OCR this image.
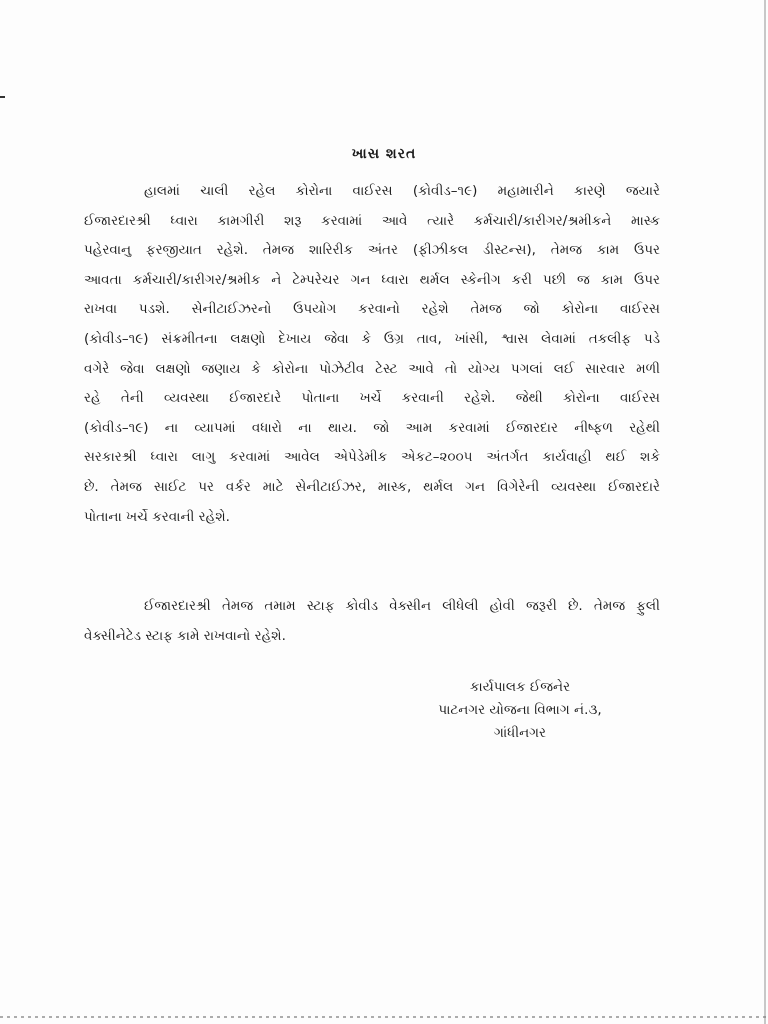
ખાસ શરત
હાલમાં ચાલી રહેલ કોરોના વાઈરસ (કોવીડ–૧૯) મહામારીને કારણે જયારે
ઈજારદારશ્રી ધ્વારા કામગીરી શરૂ કરવામાં આવે ત્યારે કર્મચારી/કારીગર/શ્રમીકને માસ્ક
પહેરવાનુ ફરજીયાત રહેશે. તેમજ શારિરીક અંતર (ફીઝીકલ ડીસ્ટન્સ), તેમજ કામ ઉપર
આવતા કર્મચારી/કારીગર/શ્રમીક ને ટેમ્પરેચર ગન ધ્વારા થર્મલ સ્કેનીગ કરી પછી જ કામ ઉપર
રાખવા પડશે. સેનીટાઈઝરનો ઉપયોગ કરવાનો રહેશે તેમજ જો કોરોના વાઈરસ
(કોવીડ–૧૯) સંક્રમીતના લક્ષણો દેખાય જેવા કે ઉગ્ર તાવ, ખાંસી, શ્વાસ લેવામાં તકલીફ પડે
વગેરે જેવા લક્ષણો જણાય કે કોરોના પોઝેટીવ ટેસ્ટ આવે તો યોગ્ય પગલાં લઈ સારવાર મળી
રહે તેની વ્યવસ્થા ઈજારદારે પોતાના ખર્ચે કરવાની રહેશે. જેથી કોરોના વાઈરસ
(કોવીડ–૧૯) ના વ્યાપમાં વધારો ના થાય. જો આમ કરવામાં ઈજારદાર નીષ્ફળ રહેથી
સરકારશ્રી ધ્વારા લાગુ કરવામાં આવેલ એપેડેમીક એકટ–૨૦૦૫ અંતર્ગત કાર્યવાહી થઈ શકે
છે. તેમજ સાઈટ પર વર્કર માટે સેનીટાઈઝર, માસ્ક, થર્મલ ગન વિગેરેની વ્યવસ્થા ઈજારદારે
પોતાના ખર્ચે કરવાની રહેશે.
ઈજારદારશ્રી તેમજ તમામ સ્ટાફ કોવીડ વેક્સીન લીધેલી હોવી જરૂરી છે. તેમજ ફુલી
વેક્સીનેટેડ સ્ટાફ કામે રાખવાનો રહેશે.
કાર્યપાલક ઈજનેર
પાટનગર યોજના વિભાગ નં.૩,
ગાંધીનગર
